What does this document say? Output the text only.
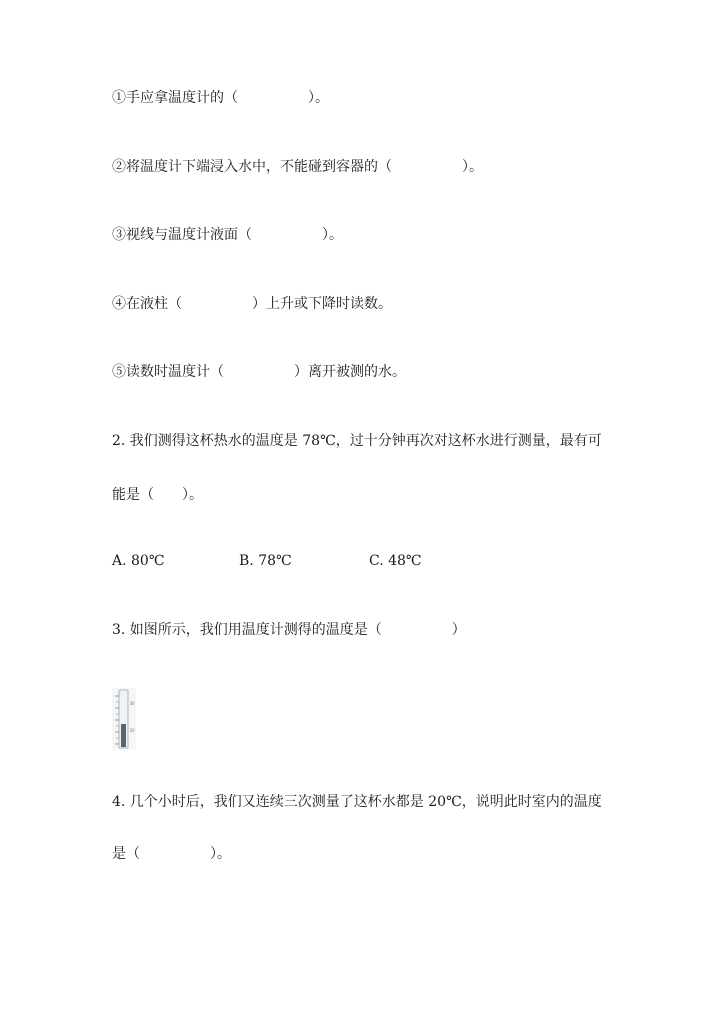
①手应拿温度计的（　　　　　）。
②将温度计下端浸入水中，不能碰到容器的（　　　　　）。
③视线与温度计液面（　　　　　）。
④在液柱（　　　　　）上升或下降时读数。
⑤读数时温度计（　　　　　）离开被测的水。
2. 我们测得这杯热水的温度是 78℃，过十分钟再次对这杯水进行测量，最有可
能是（　　）。
A. 80℃	B. 78℃	C. 48℃
3. 如图所示，我们用温度计测得的温度是（　　　　　）
30
20
4. 几个小时后，我们又连续三次测量了这杯水都是 20℃，说明此时室内的温度
是（　　　　　）。
